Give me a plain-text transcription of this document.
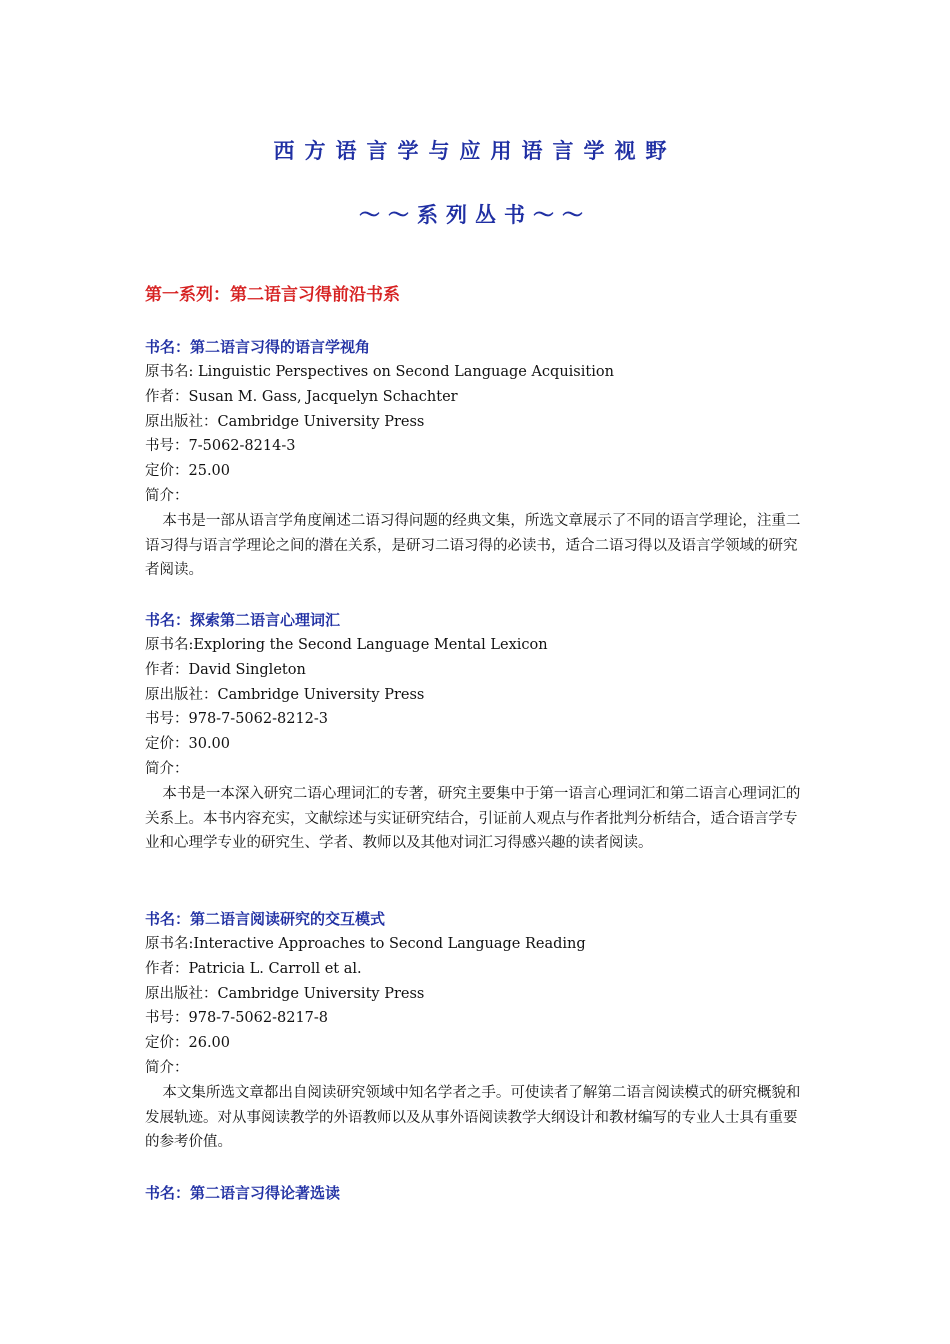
西方语言学与应用语言学视野
～～系列丛书～～
第一系列：第二语言习得前沿书系
书名：第二语言习得的语言学视角
原书名: Linguistic Perspectives on Second Language Acquisition
作者：Susan M. Gass, Jacquelyn Schachter
原出版社：Cambridge University Press
书号：7-5062-8214-3
定价：25.00
简介：

本书是一部从语言学角度阐述二语习得问题的经典文集，所选文章展示了不同的语言学理论，注重二语习得与语言学理论之间的潜在关系，是研习二语习得的必读书，适合二语习得以及语言学领域的研究者阅读。

书名：探索第二语言心理词汇
原书名:Exploring the Second Language Mental Lexicon
作者：David Singleton
原出版社：Cambridge University Press
书号：978-7-5062-8212-3
定价：30.00
简介：

本书是一本深入研究二语心理词汇的专著，研究主要集中于第一语言心理词汇和第二语言心理词汇的关系上。本书内容充实，文献综述与实证研究结合，引证前人观点与作者批判分析结合，适合语言学专业和心理学专业的研究生、学者、教师以及其他对词汇习得感兴趣的读者阅读。

书名：第二语言阅读研究的交互模式
原书名:Interactive Approaches to Second Language Reading
作者：Patricia L. Carroll et al.
原出版社：Cambridge University Press
书号：978-7-5062-8217-8
定价：26.00
简介：

本文集所选文章都出自阅读研究领域中知名学者之手。可使读者了解第二语言阅读模式的研究概貌和发展轨迹。对从事阅读教学的外语教师以及从事外语阅读教学大纲设计和教材编写的专业人士具有重要的参考价值。

书名：第二语言习得论著选读
